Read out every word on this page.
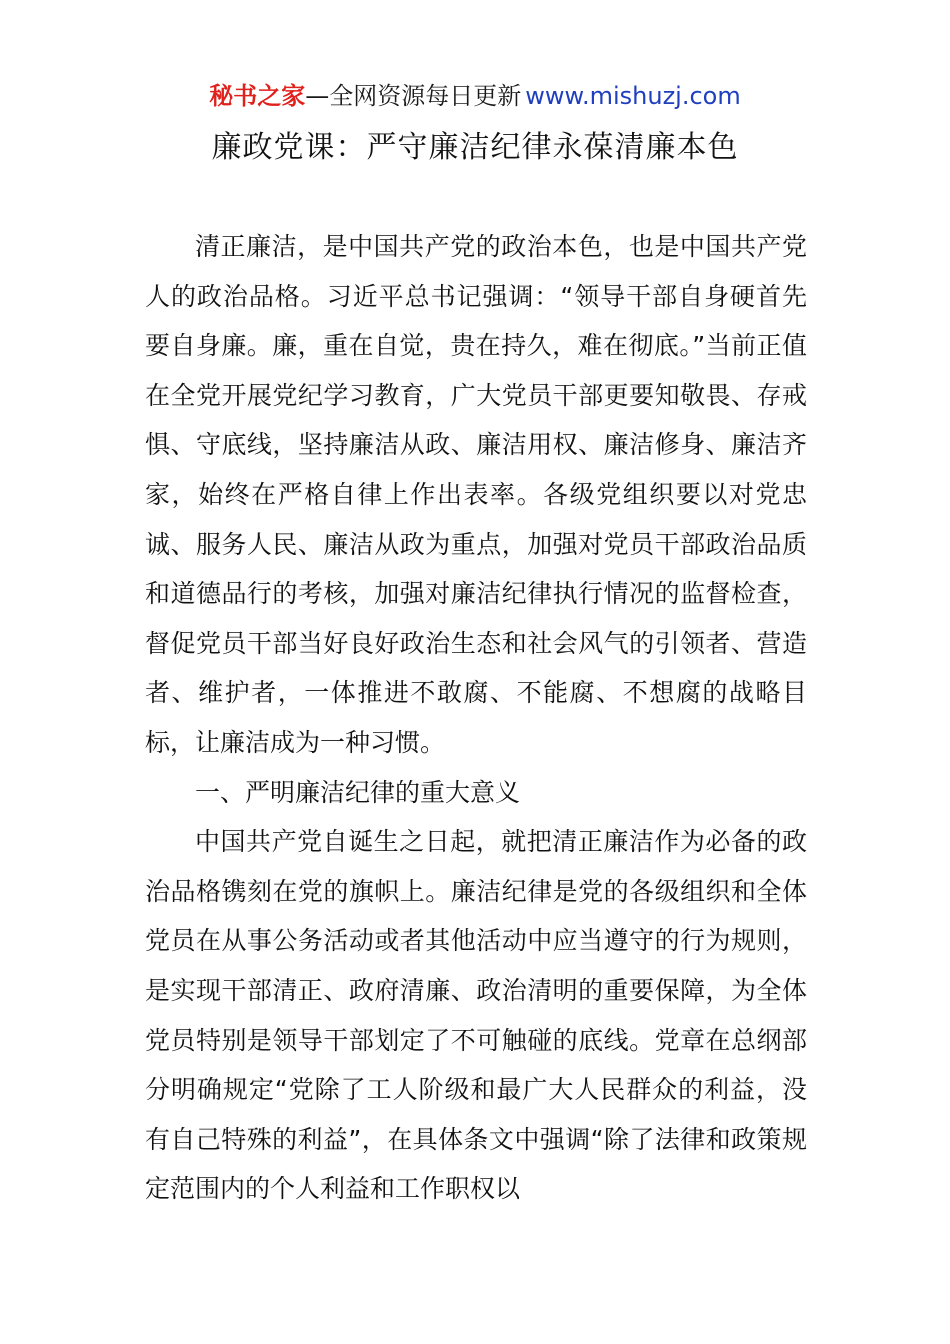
秘书之家—全网资源每日更新 www.mishuzj.com
廉政党课：严守廉洁纪律永葆清廉本色

清正廉洁，是中国共产党的政治本色，也是中国共产党人的政治品格。习近平总书记强调：“领导干部自身硬首先要自身廉。廉，重在自觉，贵在持久，难在彻底。”当前正值在全党开展党纪学习教育，广大党员干部更要知敬畏、存戒惧、守底线，坚持廉洁从政、廉洁用权、廉洁修身、廉洁齐家，始终在严格自律上作出表率。各级党组织要以对党忠诚、服务人民、廉洁从政为重点，加强对党员干部政治品质和道德品行的考核，加强对廉洁纪律执行情况的监督检查，督促党员干部当好良好政治生态和社会风气的引领者、营造者、维护者，一体推进不敢腐、不能腐、不想腐的战略目标，让廉洁成为一种习惯。

一、严明廉洁纪律的重大意义

中国共产党自诞生之日起，就把清正廉洁作为必备的政治品格镌刻在党的旗帜上。廉洁纪律是党的各级组织和全体党员在从事公务活动或者其他活动中应当遵守的行为规则，是实现干部清正、政府清廉、政治清明的重要保障，为全体党员特别是领导干部划定了不可触碰的底线。党章在总纲部分明确规定“党除了工人阶级和最广大人民群众的利益，没有自己特殊的利益”，在具体条文中强调“除了法律和政策规定范围内的个人利益和工作职权以
